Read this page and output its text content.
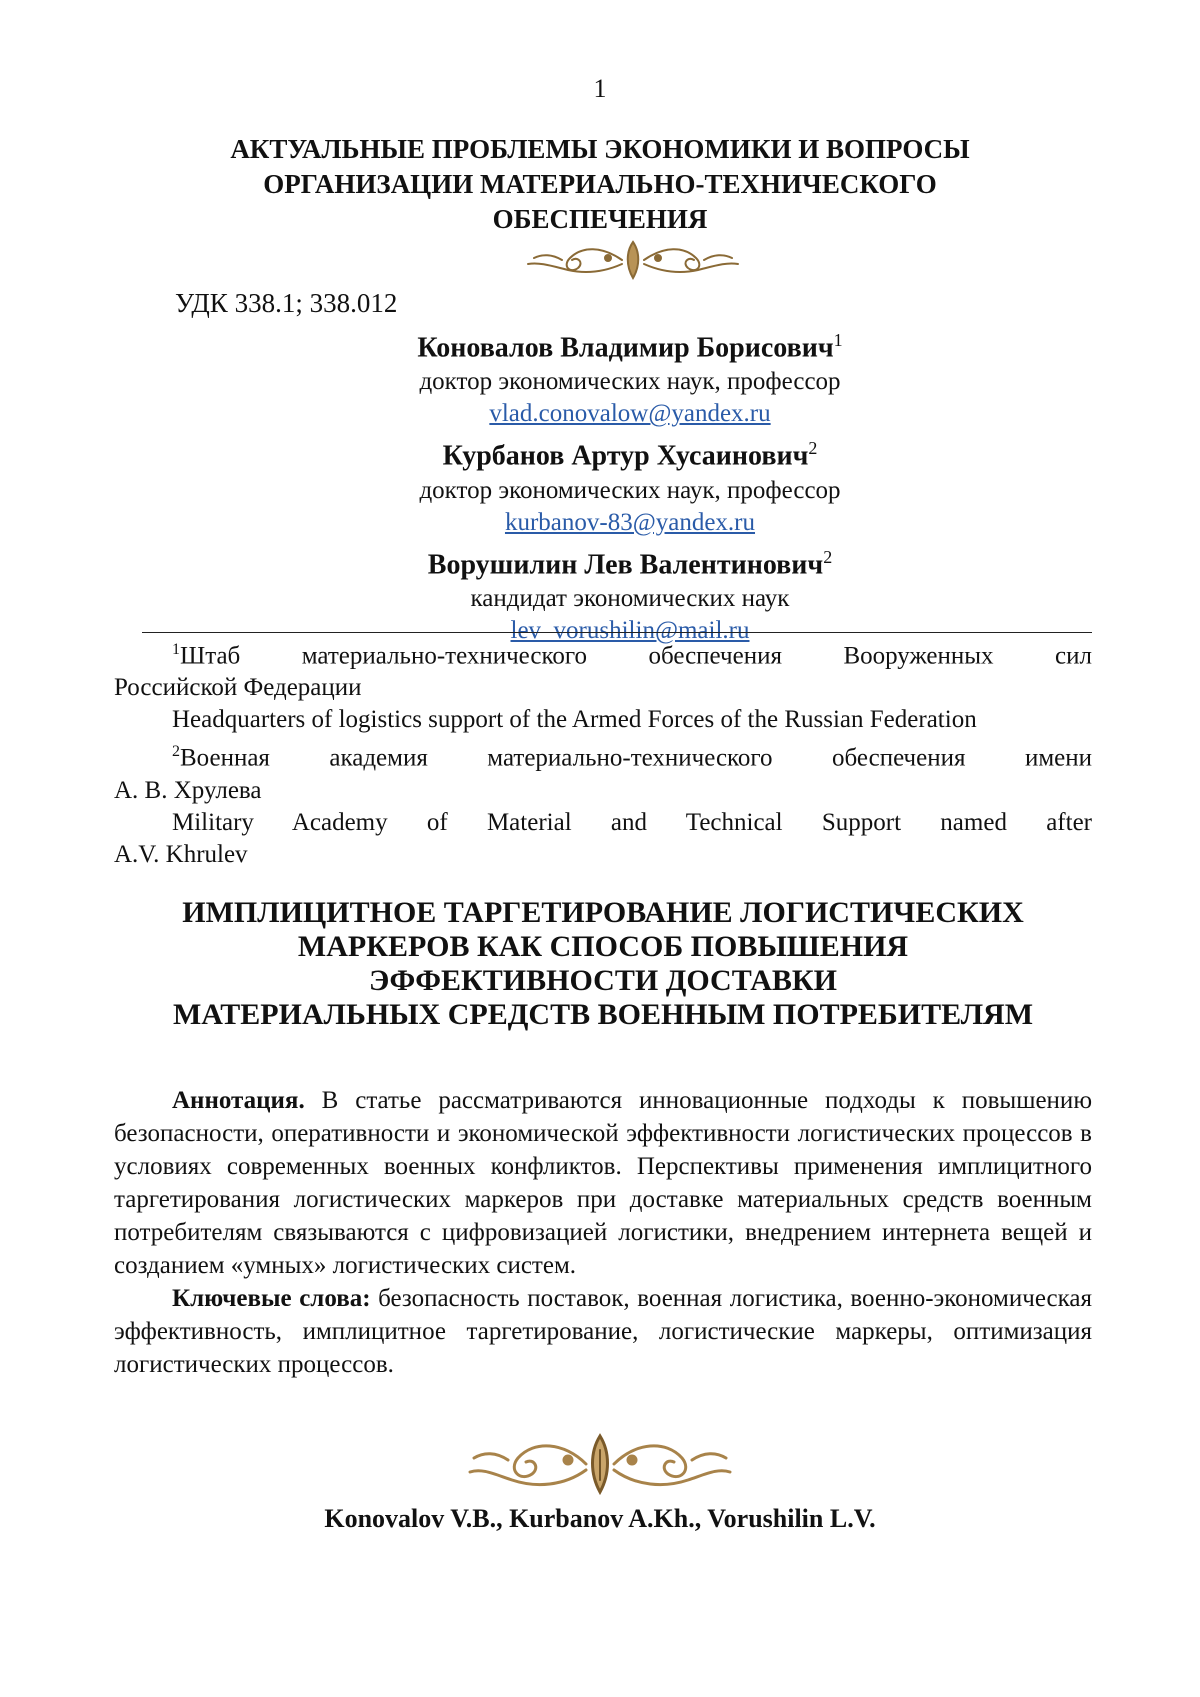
1
АКТУАЛЬНЫЕ ПРОБЛЕМЫ ЭКОНОМИКИ И ВОПРОСЫ
ОРГАНИЗАЦИИ МАТЕРИАЛЬНО-ТЕХНИЧЕСКОГО
ОБЕСПЕЧЕНИЯ
УДК 338.1; 338.012
Коновалов Владимир Борисович$^1$
доктор экономических наук, профессор
vlad.conovalow@yandex.ru
Курбанов Артур Хусаинович$^2$
доктор экономических наук, профессор
kurbanov-83@yandex.ru
Ворушилин Лев Валентинович$^2$
кандидат экономических наук
lev_vorushilin@mail.ru
$^1$Штаб материально-технического обеспечения Вооруженных сил
Российской Федерации
Headquarters of logistics support of the Armed Forces of the Russian Federation
$^2$Военная академия материально-технического обеспечения имени
А. В. Хрулева
Military Academy of Material and Technical Support named after
A.V. Khrulev
ИМПЛИЦИТНОЕ ТАРГЕТИРОВАНИЕ ЛОГИСТИЧЕСКИХ
МАРКЕРОВ КАК СПОСОБ ПОВЫШЕНИЯ
ЭФФЕКТИВНОСТИ ДОСТАВКИ
МАТЕРИАЛЬНЫХ СРЕДСТВ ВОЕННЫМ ПОТРЕБИТЕЛЯМ

Аннотация. В статье рассматриваются инновационные подходы к повышению безопасности, оперативности и экономической эффективности логистических процессов в условиях современных военных конфликтов. Перспективы применения имплицитного таргетирования логистических маркеров при доставке материальных средств военным потребителям связываются с цифровизацией логистики, внедрением интернета вещей и созданием «умных» логистических систем.

Ключевые слова: безопасность поставок, военная логистика, военно-экономическая эффективность, имплицитное таргетирование, логистические маркеры, оптимизация логистических процессов.

Konovalov V.B., Kurbanov A.Kh., Vorushilin L.V.
